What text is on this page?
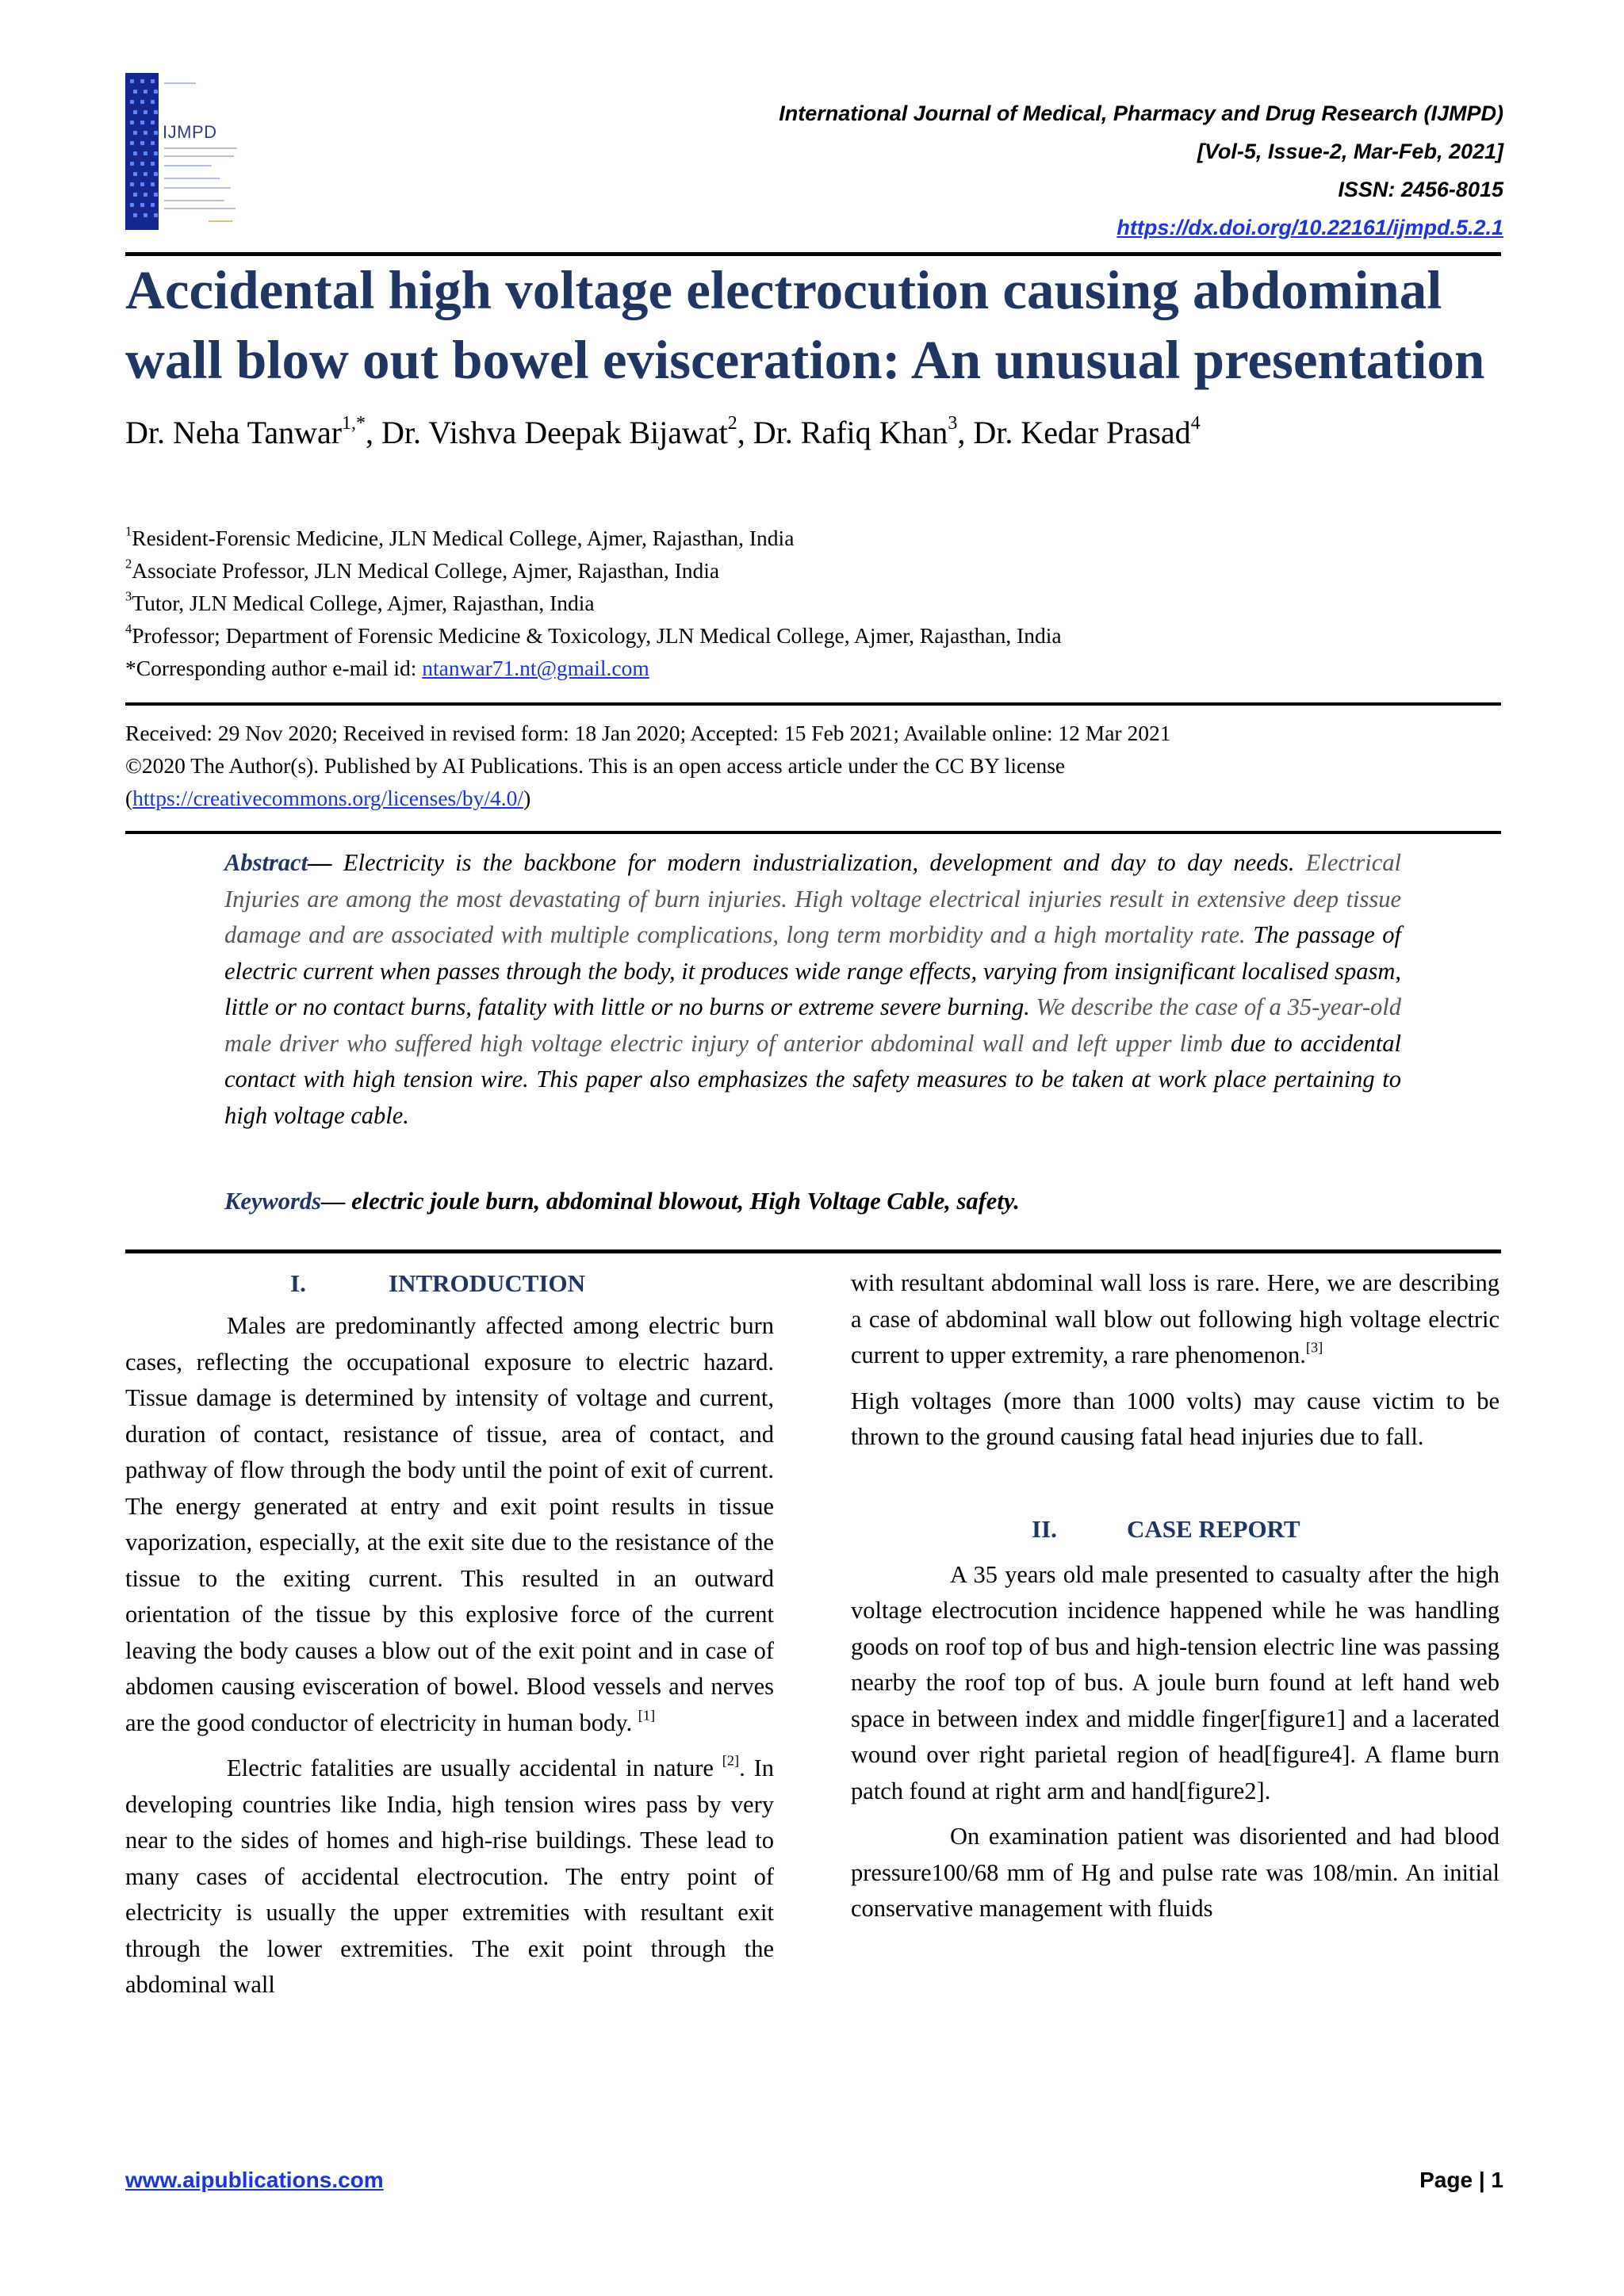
IJMPD
International Journal of Medical, Pharmacy and Drug Research (IJMPD)
[Vol-5, Issue-2, Mar-Feb, 2021]
ISSN: 2456-8015
https://dx.doi.org/10.22161/ijmpd.5.2.1
Accidental high voltage electrocution causing abdominal
wall blow out bowel evisceration: An unusual presentation
Dr. Neha Tanwar$^{1,*}$, Dr. Vishva Deepak Bijawat$^2$, Dr. Rafiq Khan$^3$, Dr. Kedar Prasad$^4$
$^1$Resident-Forensic Medicine, JLN Medical College, Ajmer, Rajasthan, India
$^2$Associate Professor, JLN Medical College, Ajmer, Rajasthan, India
$^3$Tutor, JLN Medical College, Ajmer, Rajasthan, India
$^4$Professor; Department of Forensic Medicine & Toxicology, JLN Medical College, Ajmer, Rajasthan, India
*Corresponding author e-mail id: ntanwar71.nt@gmail.com
Received: 29 Nov 2020; Received in revised form: 18 Jan 2020; Accepted: 15 Feb 2021; Available online: 12 Mar 2021
©2020 The Author(s). Published by AI Publications. This is an open access article under the CC BY license
(https://creativecommons.org/licenses/by/4.0/)
Abstract— Electricity is the backbone for modern industrialization, development and day to day needs. Electrical Injuries are among the most devastating of burn injuries. High voltage electrical injuries result in extensive deep tissue damage and are associated with multiple complications, long term morbidity and a high mortality rate. The passage of electric current when passes through the body, it produces wide range effects, varying from insignificant localised spasm, little or no contact burns, fatality with little or no burns or extreme severe burning. We describe the case of a 35-year-old male driver who suffered high voltage electric injury of anterior abdominal wall and left upper limb due to accidental contact with high tension wire. This paper also emphasizes the safety measures to be taken at work place pertaining to high voltage cable.
Keywords— electric joule burn, abdominal blowout, High Voltage Cable, safety.
I.	INTRODUCTION

Males are predominantly affected among electric burn cases, reflecting the occupational exposure to electric hazard. Tissue damage is determined by intensity of voltage and current, duration of contact, resistance of tissue, area of contact, and pathway of flow through the body until the point of exit of current. The energy generated at entry and exit point results in tissue vaporization, especially, at the exit site due to the resistance of the tissue to the exiting current. This resulted in an outward orientation of the tissue by this explosive force of the current leaving the body causes a blow out of the exit point and in case of abdomen causing evisceration of bowel. Blood vessels and nerves are the good conductor of electricity in human body. [1]

Electric fatalities are usually accidental in nature [2]. In developing countries like India, high tension wires pass by very near to the sides of homes and high-rise buildings. These lead to many cases of accidental electrocution. The entry point of electricity is usually the upper extremities with resultant exit through the lower extremities. The exit point through the abdominal wall

with resultant abdominal wall loss is rare. Here, we are describing a case of abdominal wall blow out following high voltage electric current to upper extremity, a rare phenomenon.[3]

High voltages (more than 1000 volts) may cause victim to be thrown to the ground causing fatal head injuries due to fall.

II.	CASE REPORT

A 35 years old male presented to casualty after the high voltage electrocution incidence happened while he was handling goods on roof top of bus and high-tension electric line was passing nearby the roof top of bus. A joule burn found at left hand web space in between index and middle finger[figure1] and a lacerated wound over right parietal region of head[figure4]. A flame burn patch found at right arm and hand[figure2].

On examination patient was disoriented and had blood pressure100/68 mm of Hg and pulse rate was 108/min. An initial conservative management with fluids

www.aipublications.com	Page | 1
